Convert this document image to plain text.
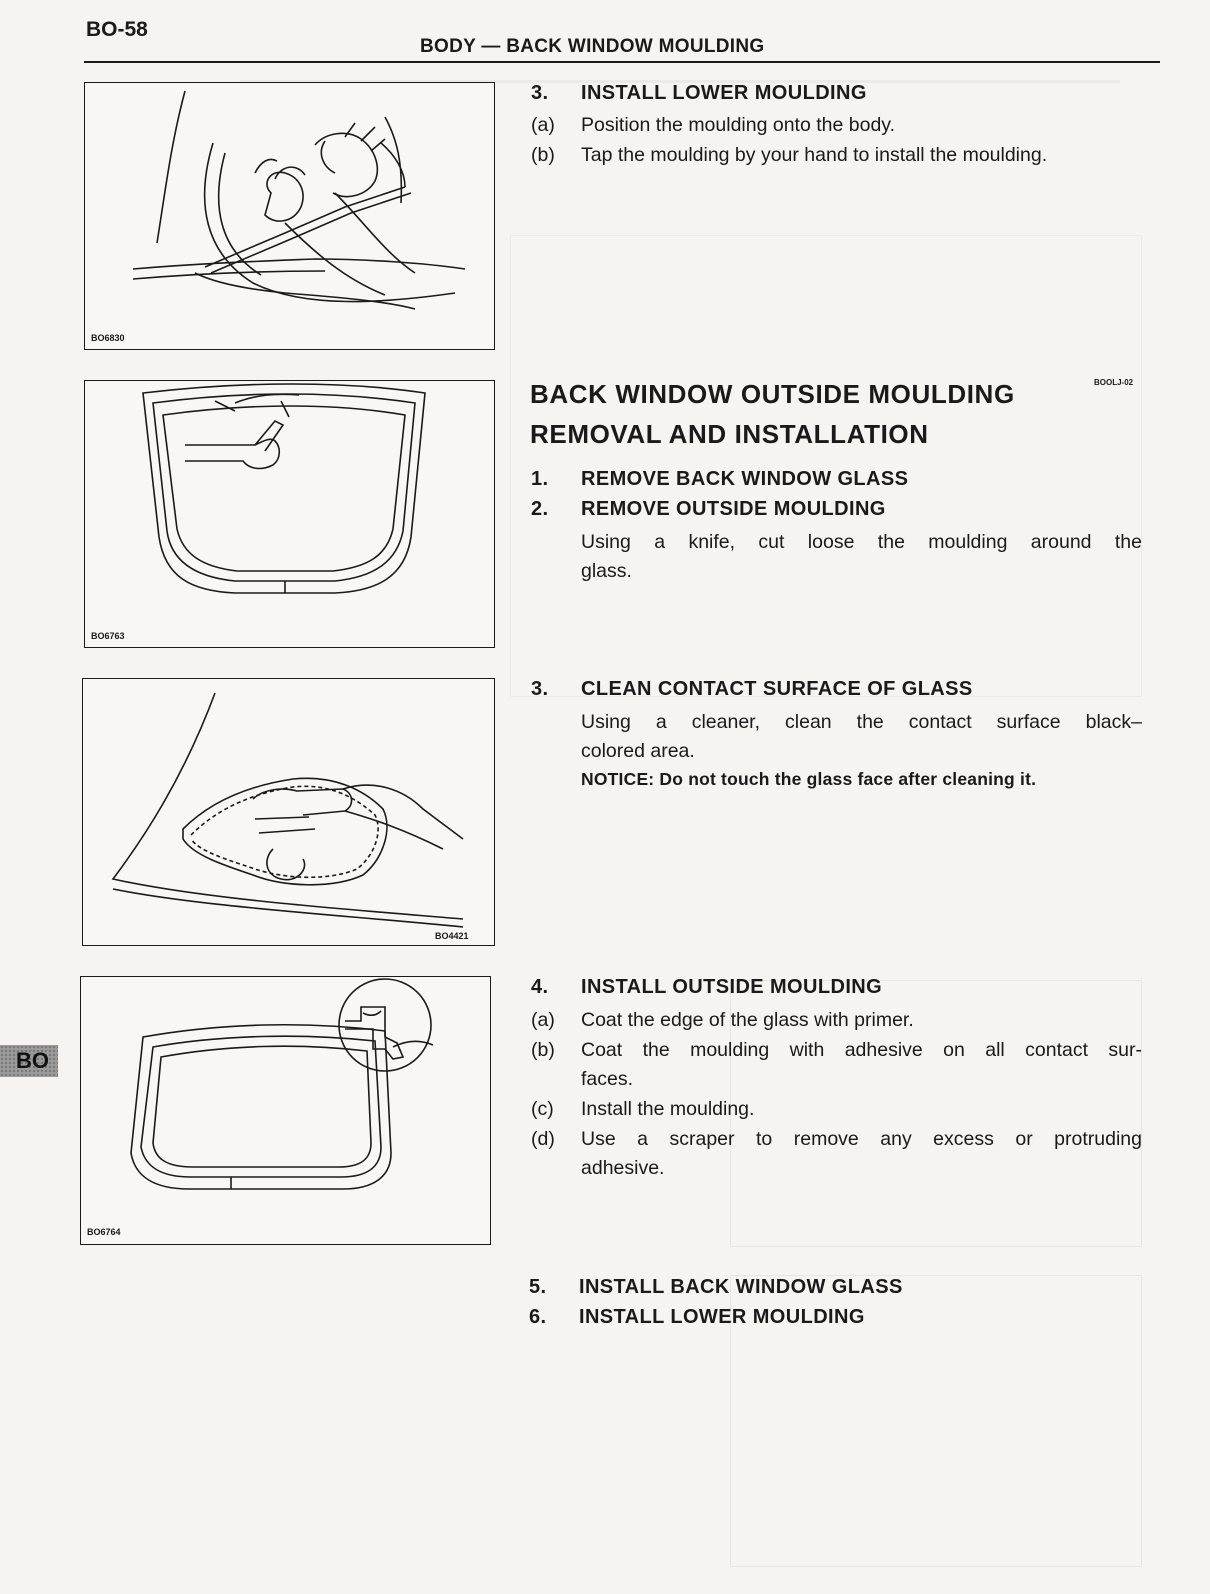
BO-58
BODY — BACK WINDOW MOULDING
BO
BO6830
BO6763
BO4421
BO6764
3. INSTALL LOWER MOULDING
(a) Position the moulding onto the body.
(b) Tap the moulding by your hand to install the moulding.
BACK WINDOW OUTSIDE MOULDING
REMOVAL AND INSTALLATION
BOOLJ-02
1. REMOVE BACK WINDOW GLASS
2. REMOVE OUTSIDE MOULDING
Using a knife, cut loose the moulding around the
glass.
3. CLEAN CONTACT SURFACE OF GLASS
Using a cleaner, clean the contact surface black–
colored area.
NOTICE: Do not touch the glass face after cleaning it.
4. INSTALL OUTSIDE MOULDING
(a) Coat the edge of the glass with primer.
(b) Coat the moulding with adhesive on all contact sur-
faces.
(c) Install the moulding.
(d) Use a scraper to remove any excess or protruding
adhesive.
5. INSTALL BACK WINDOW GLASS
6. INSTALL LOWER MOULDING
